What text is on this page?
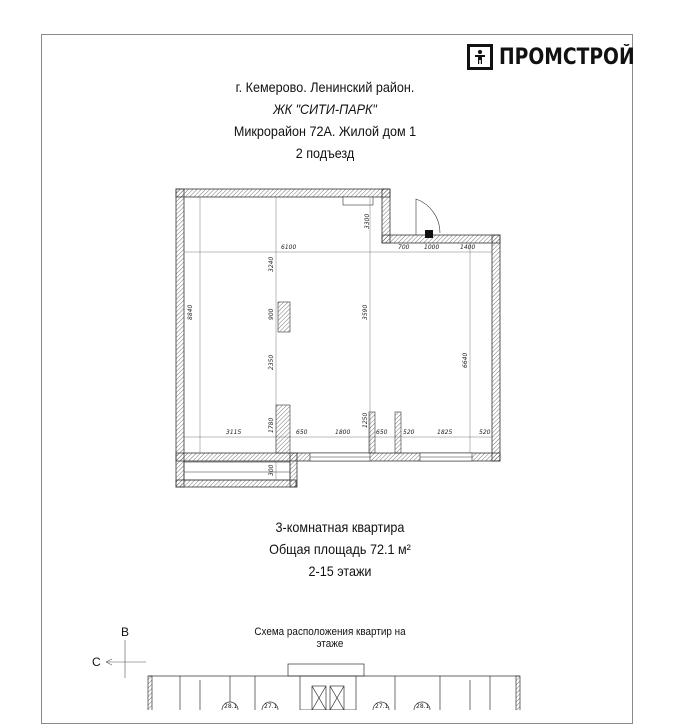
ПРОМСТРОЙ
г. Кемерово. Ленинский район.
ЖК "СИТИ-ПАРК"
Микрорайон 72А. Жилой дом 1
2 подъезд
6100
3300
700 1000	1400
3240
8840	900	3590
2350	6640
1250
3115	1780	650	1800	650	520	1825	520
300
28.1	27.1	27.1	28.1
3-комнатная квартира
Общая площадь 72.1 м²
2-15 этажи
В
С
Схема расположения квартир на этаже
